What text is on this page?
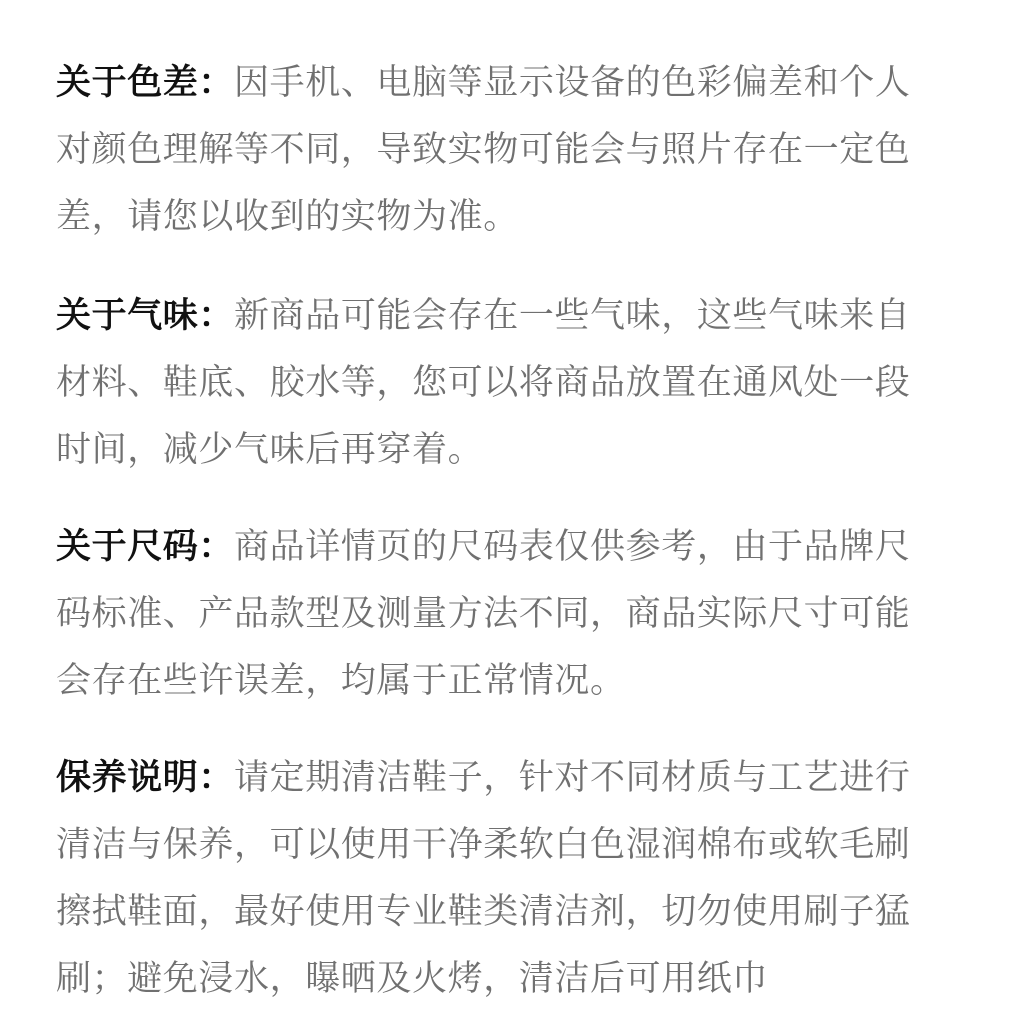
关于色差：因手机、电脑等显示设备的色彩偏差和个人对颜色理解等不同，导致实物可能会与照片存在一定色差，请您以收到的实物为准。

关于气味：新商品可能会存在一些气味，这些气味来自材料、鞋底、胶水等，您可以将商品放置在通风处一段时间，减少气味后再穿着。

关于尺码：商品详情页的尺码表仅供参考，由于品牌尺码标准、产品款型及测量方法不同，商品实际尺寸可能会存在些许误差，均属于正常情况。

保养说明：请定期清洁鞋子，针对不同材质与工艺进行清洁与保养，可以使用干净柔软白色湿润棉布或软毛刷擦拭鞋面，最好使用专业鞋类清洁剂，切勿使用刷子猛刷；避免浸水，曝晒及火烤，清洁后可用纸巾
